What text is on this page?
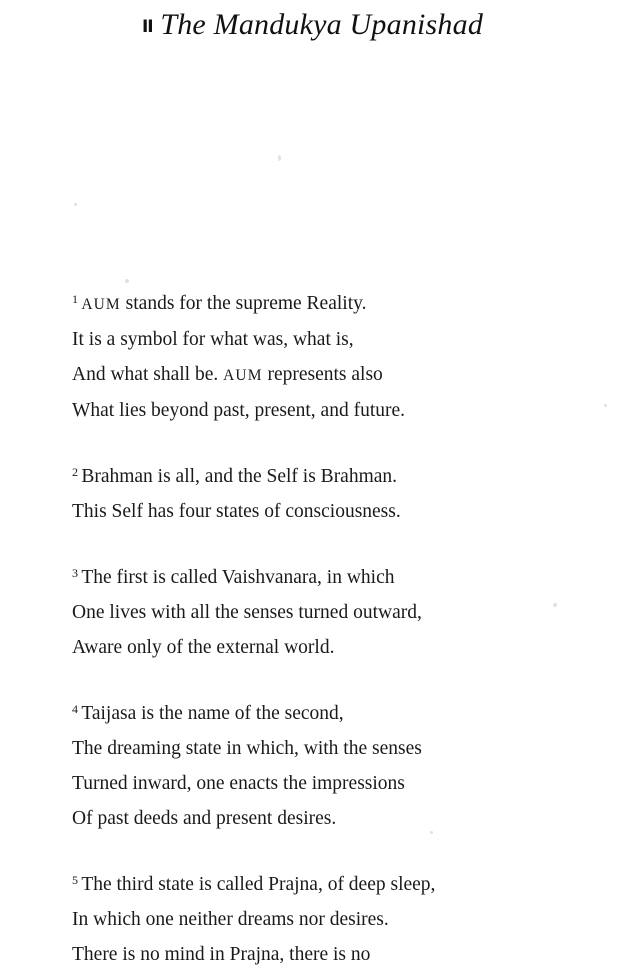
II The Mandukya Upanishad
$^1$ AUM stands for the supreme Reality.
It is a symbol for what was, what is,
And what shall be. AUM represents also
What lies beyond past, present, and future.
$^2$ Brahman is all, and the Self is Brahman.
This Self has four states of consciousness.
$^3$ The first is called Vaishvanara, in which
One lives with all the senses turned outward,
Aware only of the external world.
$^4$ Taijasa is the name of the second,
The dreaming state in which, with the senses
Turned inward, one enacts the impressions
Of past deeds and present desires.
$^5$ The third state is called Prajna, of deep sleep,
In which one neither dreams nor desires.
There is no mind in Prajna, there is no
